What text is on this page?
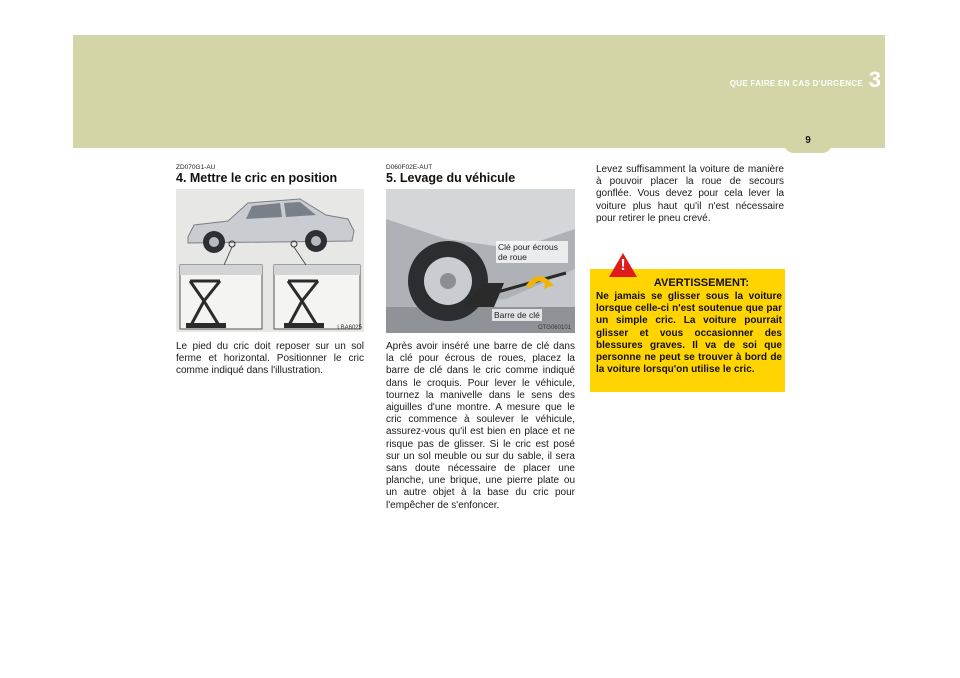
QUE FAIRE EN CAS D'URGENCE 3
9
ZD070G1-AU
4. Mettre le cric en position
LBA6025
Le pied du cric doit reposer sur un sol ferme et horizontal. Positionner le cric comme indiqué dans l'illustration.
D060F02E-AUT
5. Levage du véhicule
Clé pour écrous de roue
Barre de clé
OTG060101
Après avoir inséré une barre de clé dans la clé pour écrous de roues, placez la barre de clé dans le cric comme indiqué dans le croquis. Pour lever le véhicule, tournez la manivelle dans le sens des aiguilles d'une montre. A mesure que le cric commence à soulever le véhicule, assurez-vous qu'il est bien en place et ne risque pas de glisser. Si le cric est posé sur un sol meuble ou sur du sable, il sera sans doute nécessaire de placer une planche, une brique, une pierre plate ou un autre objet à la base du cric pour l'empêcher de s'enfoncer.
Levez suffisamment la voiture de manière à pouvoir placer la roue de secours gonflée. Vous devez pour cela lever la voiture plus haut qu'il n'est nécessaire pour retirer le pneu crevé.
!
AVERTISSEMENT:
Ne jamais se glisser sous la voiture lorsque celle-ci n'est soutenue que par un simple cric. La voiture pourrait glisser et vous occasionner des blessures graves. Il va de soi que personne ne peut se trouver à bord de la voiture lorsqu'on utilise le cric.
